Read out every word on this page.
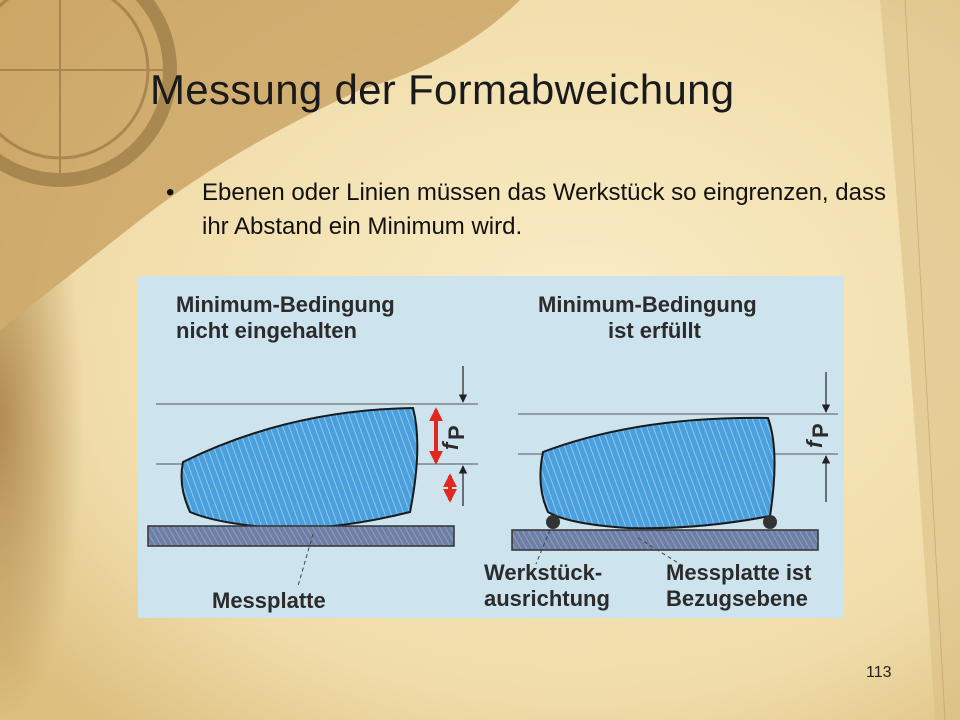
Messung der Formabweichung
• Ebenen oder Linien müssen das Werkstück so eingrenzen, dass ihr Abstand ein Minimum wird.
Minimum-Bedingung
nicht eingehalten
f
P
Messplatte
Minimum-Bedingung
ist erfüllt
f
P
Werkstück-
ausrichtung
Messplatte ist
Bezugsebene
113
